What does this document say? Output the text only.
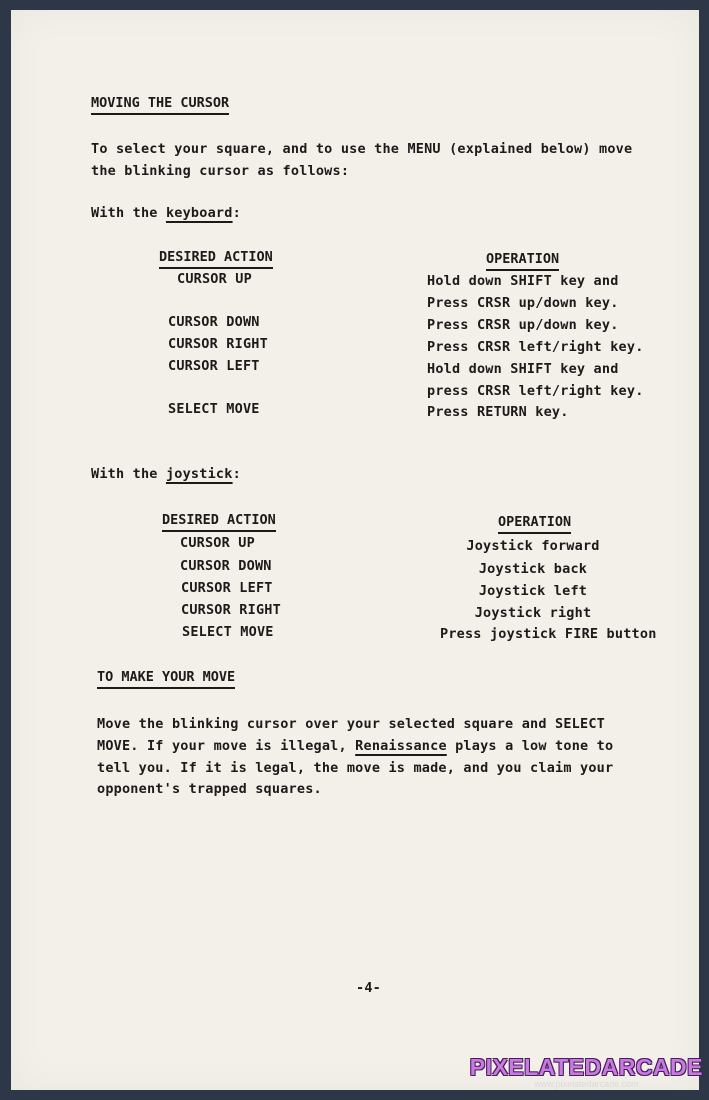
MOVING THE CURSOR
To select your square, and to use the MENU (explained below) move
the blinking cursor as follows:
With the keyboard:
DESIRED ACTION	OPERATION
CURSOR UP
CURSOR DOWN
CURSOR RIGHT
CURSOR LEFT
SELECT MOVE
Hold down SHIFT key and
Press CRSR up/down key.
Press CRSR up/down key.
Press CRSR left/right key.
Hold down SHIFT key and
press CRSR left/right key.
Press RETURN key.
With the joystick:
DESIRED ACTION	OPERATION
CURSOR UP
CURSOR DOWN
CURSOR LEFT
CURSOR RIGHT
SELECT MOVE
Joystick forward
Joystick back
Joystick left
Joystick right
Press joystick FIRE button
TO MAKE YOUR MOVE
Move the blinking cursor over your selected square and SELECT
MOVE. If your move is illegal, Renaissance plays a low tone to
tell you. If it is legal, the move is made, and you claim your
opponent's trapped squares.
-4-
PIXELATEDARCADE
www.pixelatedarcade.com
